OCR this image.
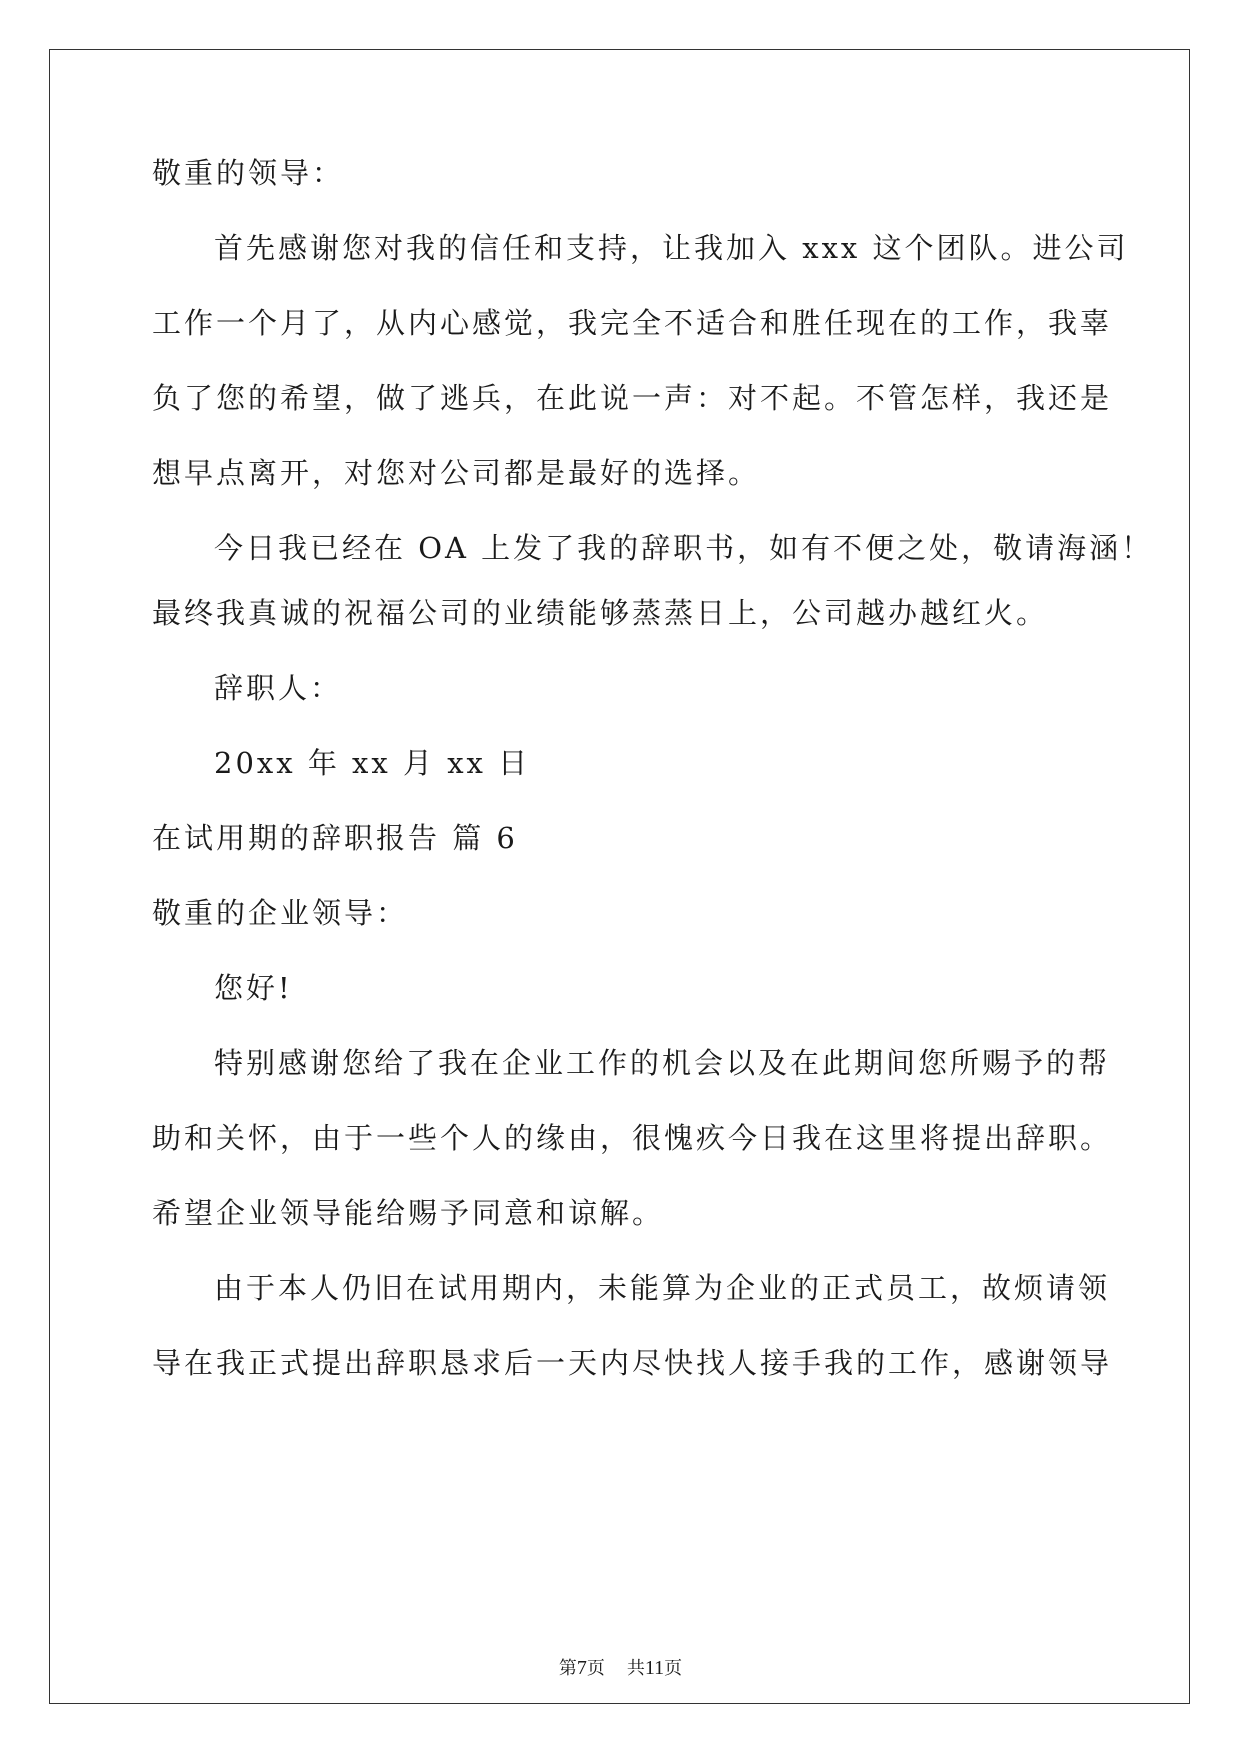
敬重的领导：
首先感谢您对我的信任和支持，让我加入 xxx 这个团队。进公司
工作一个月了，从内心感觉，我完全不适合和胜任现在的工作，我辜
负了您的希望，做了逃兵，在此说一声：对不起。不管怎样，我还是
想早点离开，对您对公司都是最好的选择。
今日我已经在 OA 上发了我的辞职书，如有不便之处，敬请海涵！
最终我真诚的祝福公司的业绩能够蒸蒸日上，公司越办越红火。
辞职人：
20xx 年 xx 月 xx 日
在试用期的辞职报告 篇 6
敬重的企业领导：
您好!
特别感谢您给了我在企业工作的机会以及在此期间您所赐予的帮
助和关怀，由于一些个人的缘由，很愧疚今日我在这里将提出辞职。
希望企业领导能给赐予同意和谅解。
由于本人仍旧在试用期内，未能算为企业的正式员工，故烦请领
导在我正式提出辞职恳求后一天内尽快找人接手我的工作，感谢领导
第7页 共11页
